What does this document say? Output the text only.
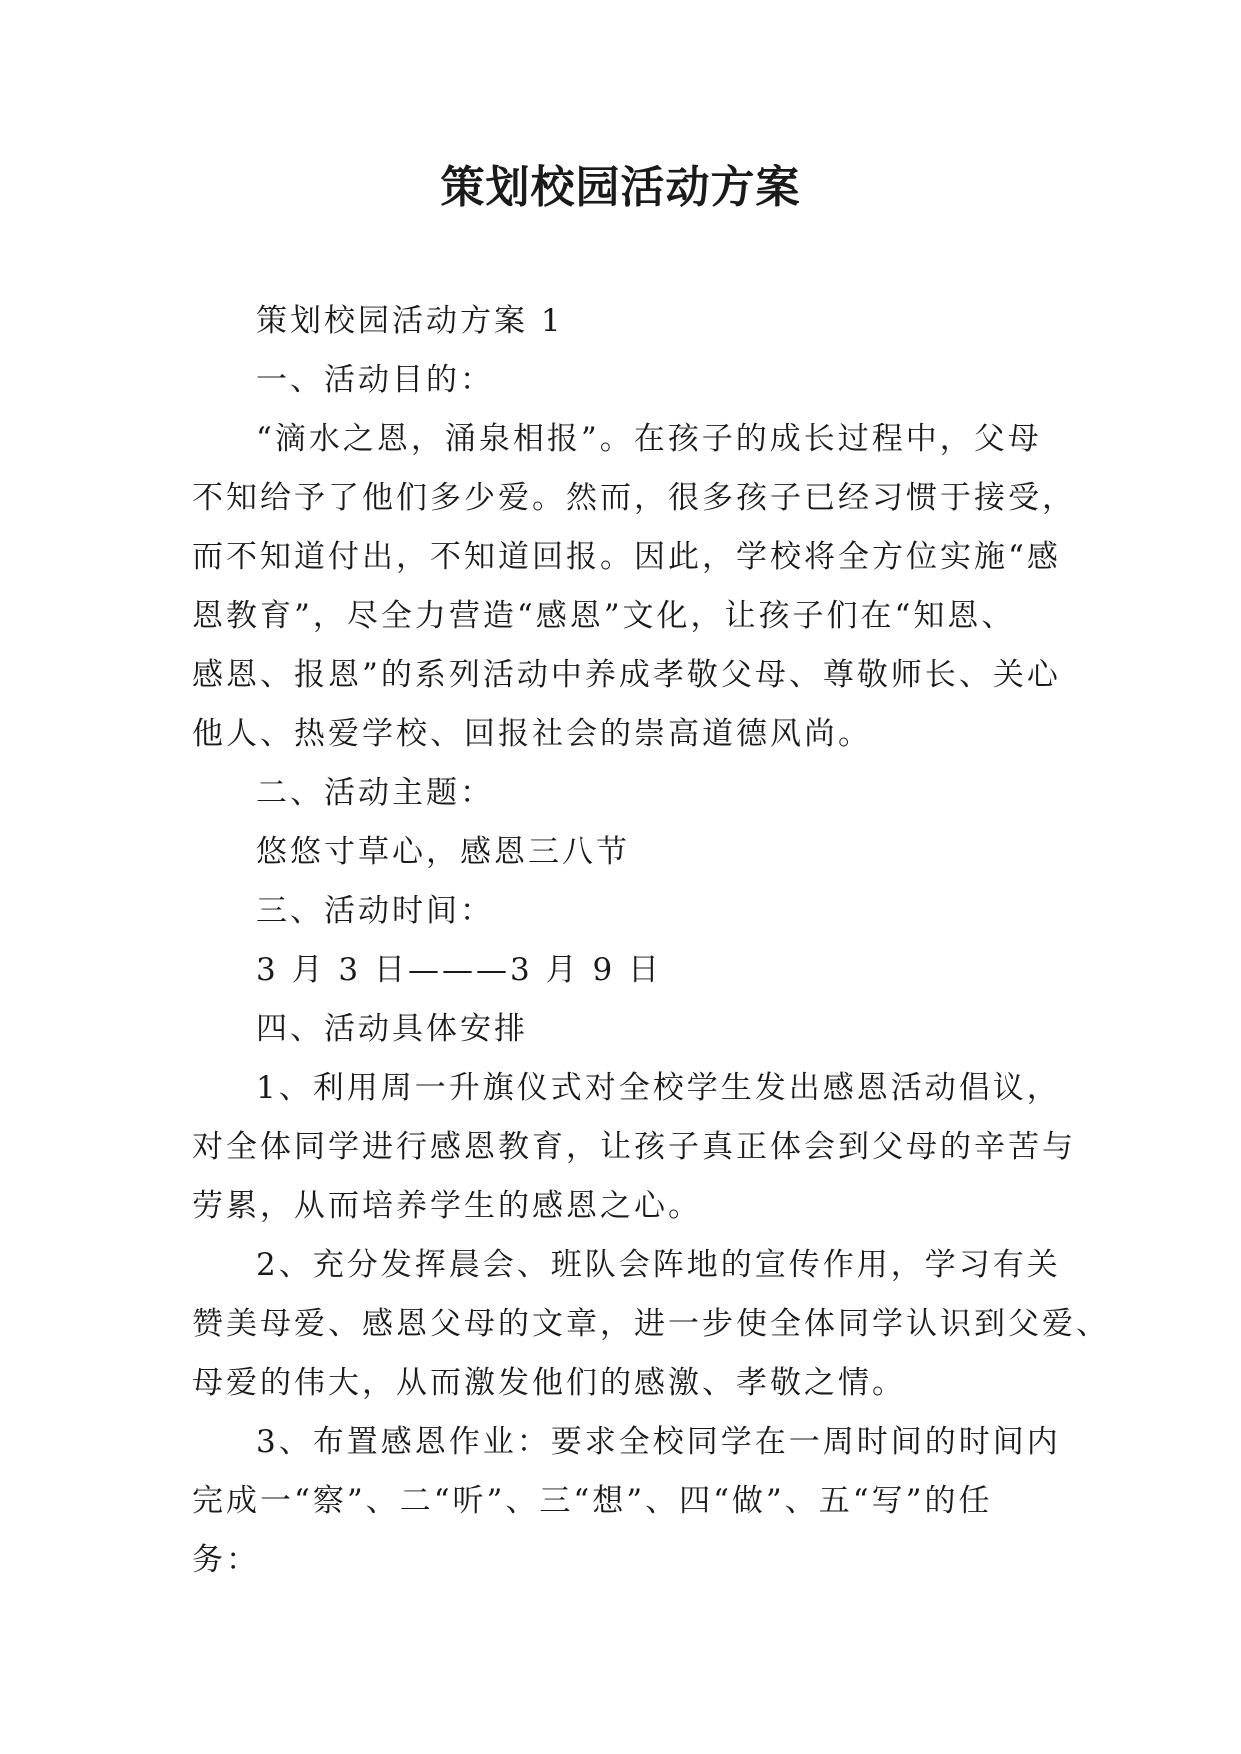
策划校园活动方案

策划校园活动方案 1

一、活动目的：

“滴水之恩，涌泉相报”。在孩子的成长过程中，父母

不知给予了他们多少爱。然而，很多孩子已经习惯于接受，

而不知道付出，不知道回报。因此，学校将全方位实施“感

恩教育”，尽全力营造“感恩”文化，让孩子们在“知恩、

感恩、报恩”的系列活动中养成孝敬父母、尊敬师长、关心

他人、热爱学校、回报社会的崇高道德风尚。

二、活动主题：

悠悠寸草心，感恩三八节

三、活动时间：

3 月 3 日———3 月 9 日

四、活动具体安排

1、利用周一升旗仪式对全校学生发出感恩活动倡议，

对全体同学进行感恩教育，让孩子真正体会到父母的辛苦与

劳累，从而培养学生的感恩之心。

2、充分发挥晨会、班队会阵地的宣传作用，学习有关

赞美母爱、感恩父母的文章，进一步使全体同学认识到父爱、

母爱的伟大，从而激发他们的感激、孝敬之情。

3、布置感恩作业：要求全校同学在一周时间的时间内

完成一“察”、二“听”、三“想”、四“做”、五“写”的任

务：
